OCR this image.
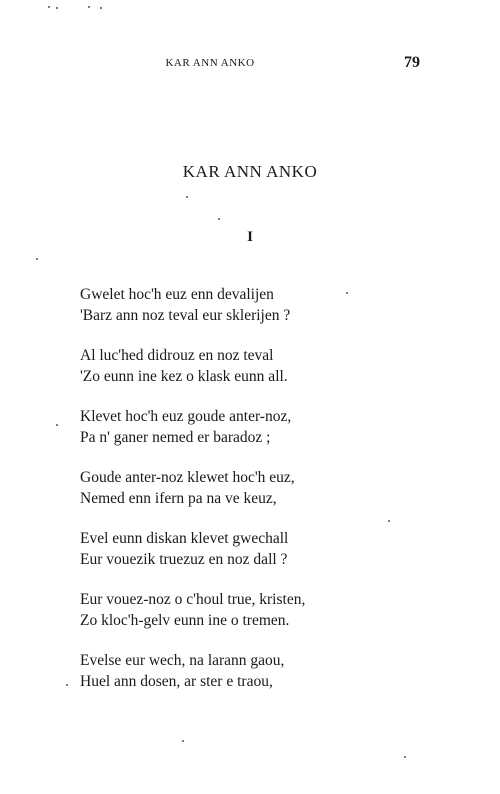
KAR ANN ANKO	79
KAR ANN ANKO
I
Gwelet hoc'h euz enn devalijen
'Barz ann noz teval eur sklerijen ?
Al luc'hed didrouz en noz teval
'Zo eunn ine kez o klask eunn all.
Klevet hoc'h euz goude anter-noz,
Pa n' ganer nemed er baradoz ;
Goude anter-noz klewet hoc'h euz,
Nemed enn ifern pa na ve keuz,
Evel eunn diskan klevet gwechall
Eur vouezik truezuz en noz dall ?
Eur vouez-noz o c'houl true, kristen,
Zo kloc'h-gelv eunn ine o tremen.
Evelse eur wech, na larann gaou,
Huel ann dosen, ar ster e traou,
